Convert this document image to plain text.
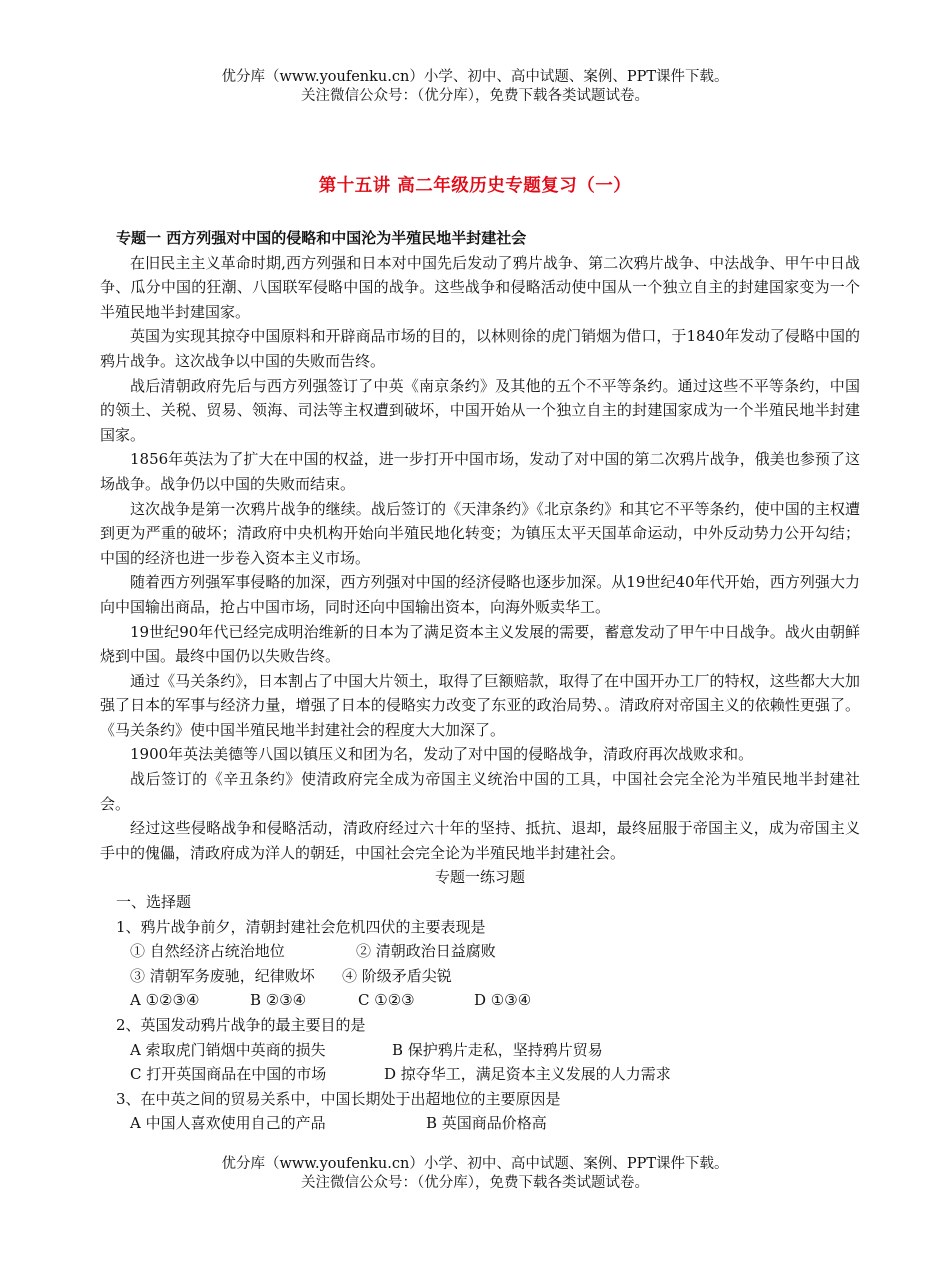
优分库（www.youfenku.cn）小学、初中、高中试题、案例、PPT课件下载。
关注微信公众号：（优分库），免费下载各类试题试卷。
第十五讲 高二年级历史专题复习（一）

专题一 西方列强对中国的侵略和中国沦为半殖民地半封建社会

在旧民主主义革命时期,西方列强和日本对中国先后发动了鸦片战争、第二次鸦片战争、中法战争、甲午中日战争、瓜分中国的狂潮、八国联军侵略中国的战争。这些战争和侵略活动使中国从一个独立自主的封建国家变为一个半殖民地半封建国家。

英国为实现其掠夺中国原料和开辟商品市场的目的，以林则徐的虎门销烟为借口，于1840年发动了侵略中国的鸦片战争。这次战争以中国的失败而告终。

战后清朝政府先后与西方列强签订了中英《南京条约》及其他的五个不平等条约。通过这些不平等条约，中国的领土、关税、贸易、领海、司法等主权遭到破坏，中国开始从一个独立自主的封建国家成为一个半殖民地半封建国家。

1856年英法为了扩大在中国的权益，进一步打开中国市场，发动了对中国的第二次鸦片战争，俄美也参预了这场战争。战争仍以中国的失败而结束。

这次战争是第一次鸦片战争的继续。战后签订的《天津条约》《北京条约》和其它不平等条约，使中国的主权遭到更为严重的破坏；清政府中央机构开始向半殖民地化转变；为镇压太平天国革命运动，中外反动势力公开勾结；中国的经济也进一步卷入资本主义市场。

随着西方列强军事侵略的加深，西方列强对中国的经济侵略也逐步加深。从19世纪40年代开始，西方列强大力向中国输出商品，抢占中国市场，同时还向中国输出资本，向海外贩卖华工。

19世纪90年代已经完成明治维新的日本为了满足资本主义发展的需要，蓄意发动了甲午中日战争。战火由朝鲜烧到中国。最终中国仍以失败告终。

通过《马关条约》，日本割占了中国大片领土，取得了巨额赔款，取得了在中国开办工厂的特权，这些都大大加强了日本的军事与经济力量，增强了日本的侵略实力改变了东亚的政治局势、。清政府对帝国主义的依赖性更强了。《马关条约》使中国半殖民地半封建社会的程度大大加深了。

1900年英法美德等八国以镇压义和团为名，发动了对中国的侵略战争，清政府再次战败求和。

战后签订的《辛丑条约》使清政府完全成为帝国主义统治中国的工具，中国社会完全沦为半殖民地半封建社会。

经过这些侵略战争和侵略活动，清政府经过六十年的坚持、抵抗、退却，最终屈服于帝国主义，成为帝国主义手中的傀儡，清政府成为洋人的朝廷，中国社会完全论为半殖民地半封建社会。

专题一练习题

一、选择题

1、鸦片战争前夕，清朝封建社会危机四伏的主要表现是

① 自然经济占统治地位	② 清朝政治日益腐败
③ 清朝军务废驰，纪律败坏	④ 阶级矛盾尖锐
A ①②③④	B ②③④	C ①②③	D ①③④

2、英国发动鸦片战争的最主要目的是

A 索取虎门销烟中英商的损失	B 保护鸦片走私，坚持鸦片贸易
C 打开英国商品在中国的市场	D 掠夺华工，满足资本主义发展的人力需求

3、在中英之间的贸易关系中，中国长期处于出超地位的主要原因是

A 中国人喜欢使用自己的产品	B 英国商品价格高
优分库（www.youfenku.cn）小学、初中、高中试题、案例、PPT课件下载。
关注微信公众号：（优分库），免费下载各类试题试卷。
